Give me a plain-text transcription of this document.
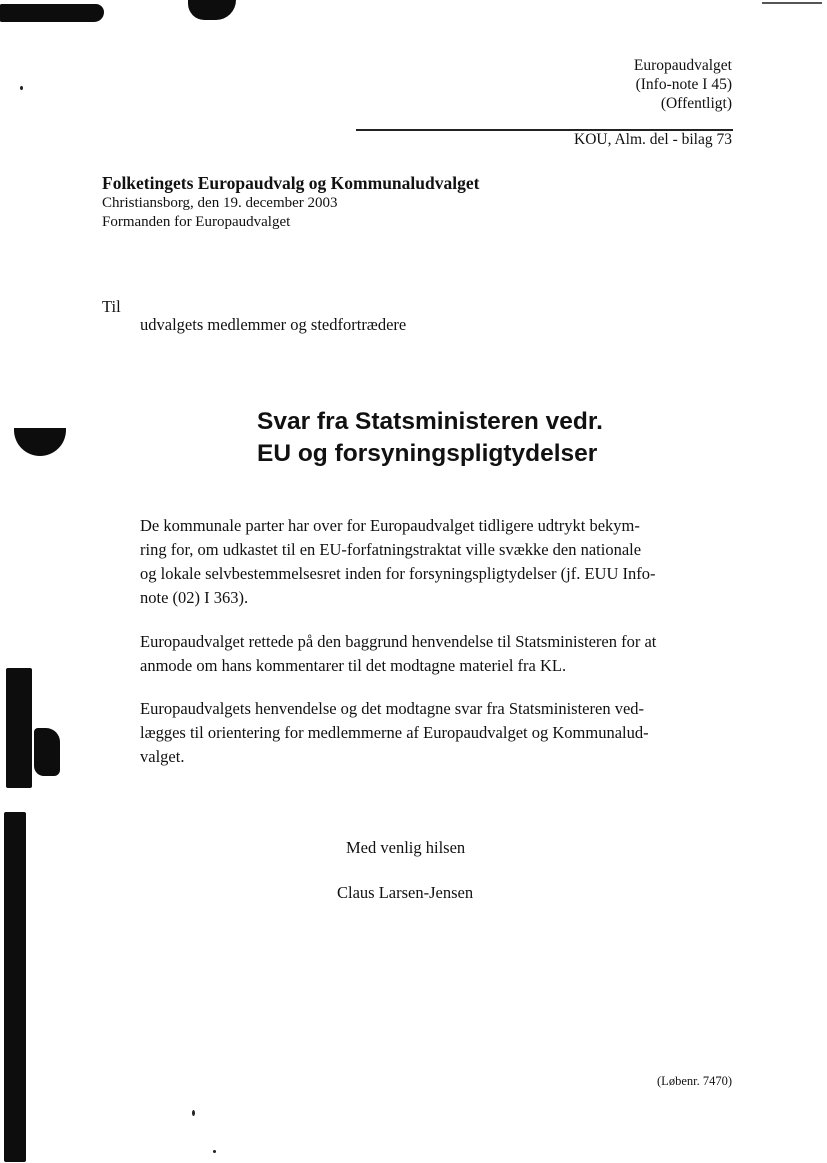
Europaudvalget
(Info-note I 45)
(Offentligt)
KOU, Alm. del - bilag 73
Folketingets Europaudvalg og Kommunaludvalget
Christiansborg, den 19. december 2003
Formanden for Europaudvalget
Til
udvalgets medlemmer og stedfortrædere
Svar fra Statsministeren vedr.
EU og forsyningspligtydelser
De kommunale parter har over for Europaudvalget tidligere udtrykt bekym-
ring for, om udkastet til en EU-forfatningstraktat ville svække den nationale
og lokale selvbestemmelsesret inden for forsyningspligtydelser (jf. EUU Info-
note (02) I 363).
Europaudvalget rettede på den baggrund henvendelse til Statsministeren for at
anmode om hans kommentarer til det modtagne materiel fra KL.
Europaudvalgets henvendelse og det modtagne svar fra Statsministeren ved-
lægges til orientering for medlemmerne af Europaudvalget og Kommunalud-
valget.
Med venlig hilsen
Claus Larsen-Jensen
(Løbenr. 7470)
